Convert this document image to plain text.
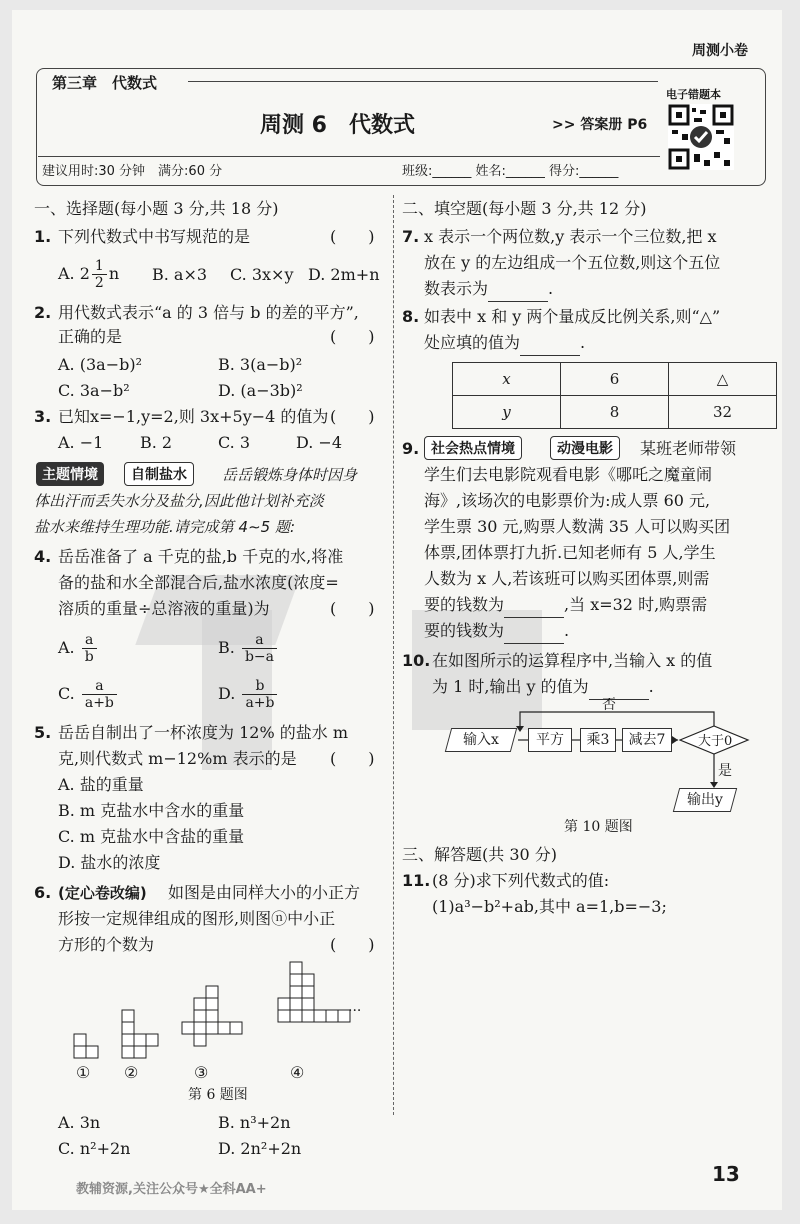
周测小卷
第三章　代数式
周测 6　代数式	>> 答案册 P6
建议用时:30 分钟　满分:60 分	班级:______ 姓名:______ 得分:______
电子错题本
一、选择题(每小题 3 分,共 18 分)
1. 下列代数式中书写规范的是	(　　)
A. $2 \frac{1}{2}$ n B. a×3 C. 3x×y D. 2m+n
2. 用代数式表示“a 的 3 倍与 b 的差的平方”,
正确的是	(　　)
A. (3a−b)²	B. 3(a−b)²
C. 3a−b²	D. (a−3b)²
3. 已知x=−1,y=2,则 3x+5y−4 的值为 (　　)
A. −1 B. 2	C. 3	D. −4
主题情境	自制盐水	岳岳锻炼身体时因身
体出汗而丢失水分及盐分,因此他计划补充淡
盐水来维持生理功能.请完成第 4∼5 题:
4. 岳岳准备了 a 千克的盐,b 千克的水,将准
备的盐和水全部混合后,盐水浓度(浓度=
溶质的重量÷总溶液的重量)为	(　　)
A. $\frac{a}{b}$	B. $\frac{a}{b-a}$
C. $\frac{a}{a+b}$	D. $\frac{b}{a+b}$
5. 岳岳自制出了一杯浓度为 12% 的盐水 m
克,则代数式 m−12%m 表示的是 (　　)
A. 盐的重量
B. m 克盐水中含水的重量
C. m 克盐水中含盐的重量
D. 盐水的浓度
6. (定心卷改编) 如图是由同样大小的小正方
形按一定规律组成的图形,则图ⓝ中小正
方形的个数为	(　　)
···
① ②	③	④
第 6 题图
A. 3n	B. n³+2n
C. n²+2n	D. 2n²+2n
二、填空题(每小题 3 分,共 12 分)
7. x 表示一个两位数,y 表示一个三位数,把 x
放在 y 的左边组成一个五位数,则这个五位
数表示为	.
8. 如表中 x 和 y 两个量成反比例关系,则“△”
处应填的值为	.
x	6	△
y	8	32
9. 社会热点情境	动漫电影	某班老师带领
学生们去电影院观看电影《哪吒之魔童闹
海》,该场次的电影票价为:成人票 60 元,
学生票 30 元,购票人数满 35 人可以购买团
体票,团体票打九折.已知老师有 5 人,学生
人数为 x 人,若该班可以购买团体票,则需
要的钱数为	,当 x=32 时,购票需
要的钱数为	.
10. 在如图所示的运算程序中,当输入 x 的值
为 1 时,输出 y 的值为	.
否
输入x	平方	乘3	减去7	大于0
是
输出y
第 10 题图
三、解答题(共 30 分)
11. (8 分)求下列代数式的值:
(1)a³−b²+ab,其中 a=1,b=−3;
教辅资源,关注公众号★全科AA+
13
